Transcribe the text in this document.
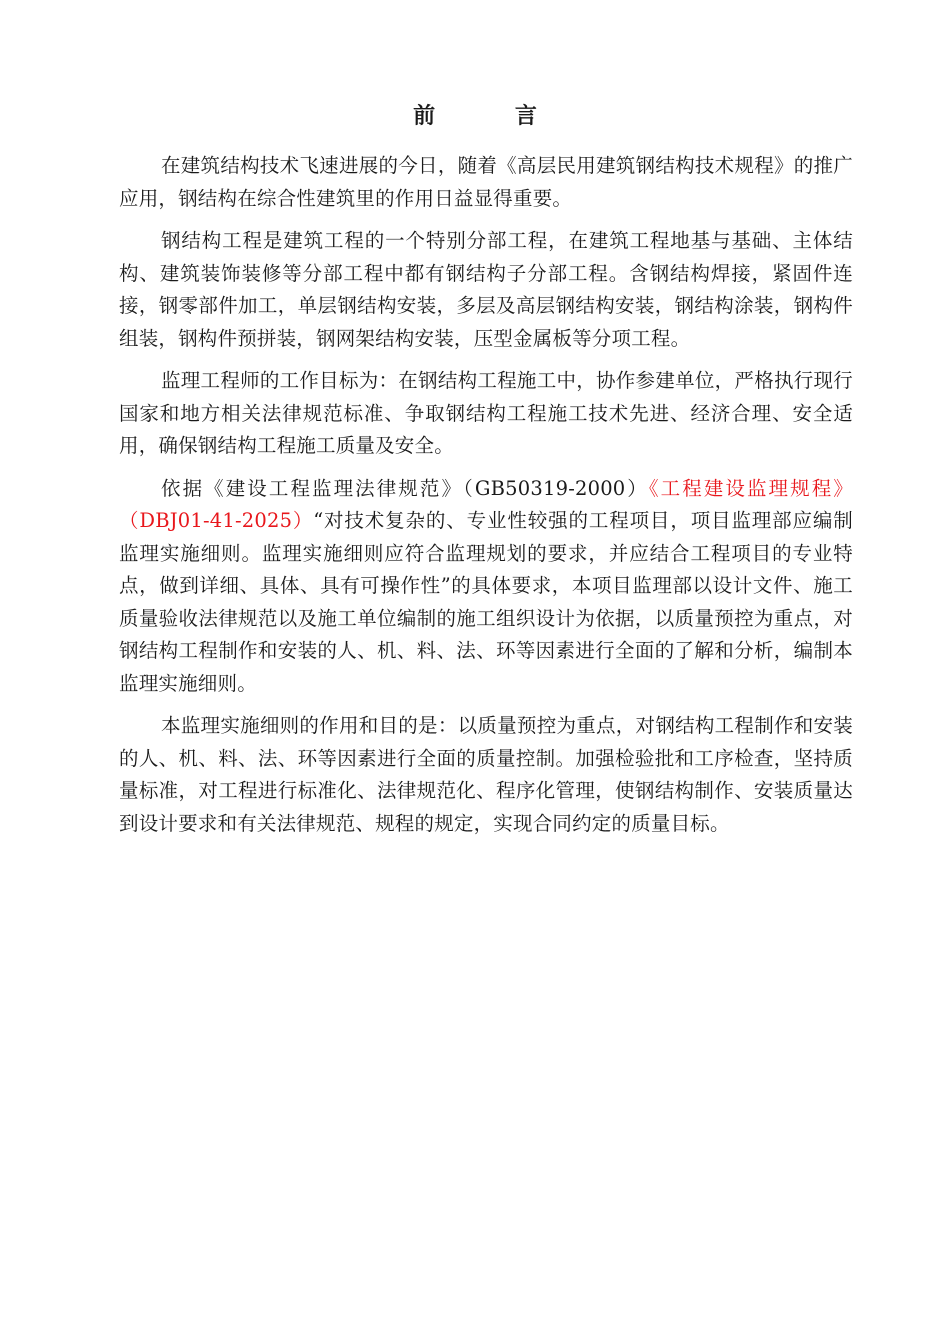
前 言

在建筑结构技术飞速进展的今日，随着《高层民用建筑钢结构技术规程》的推广应用，钢结构在综合性建筑里的作用日益显得重要。

钢结构工程是建筑工程的一个特别分部工程，在建筑工程地基与基础、主体结构、建筑装饰装修等分部工程中都有钢结构子分部工程。含钢结构焊接，紧固件连接，钢零部件加工，单层钢结构安装，多层及高层钢结构安装，钢结构涂装，钢构件组装，钢构件预拼装，钢网架结构安装，压型金属板等分项工程。

监理工程师的工作目标为：在钢结构工程施工中，协作参建单位，严格执行现行国家和地方相关法律规范标准、争取钢结构工程施工技术先进、经济合理、安全适用，确保钢结构工程施工质量及安全。

依据《建设工程监理法律规范》（GB50319-2000）《工程建设监理规程》（DBJ01-41-2025）“对技术复杂的、专业性较强的工程项目，项目监理部应编制监理实施细则。监理实施细则应符合监理规划的要求，并应结合工程项目的专业特点，做到详细、具体、具有可操作性”的具体要求，本项目监理部以设计文件、施工质量验收法律规范以及施工单位编制的施工组织设计为依据，以质量预控为重点，对钢结构工程制作和安装的人、机、料、法、环等因素进行全面的了解和分析，编制本监理实施细则。

本监理实施细则的作用和目的是：以质量预控为重点，对钢结构工程制作和安装的人、机、料、法、环等因素进行全面的质量控制。加强检验批和工序检查，坚持质量标准，对工程进行标准化、法律规范化、程序化管理，使钢结构制作、安装质量达到设计要求和有关法律规范、规程的规定，实现合同约定的质量目标。
